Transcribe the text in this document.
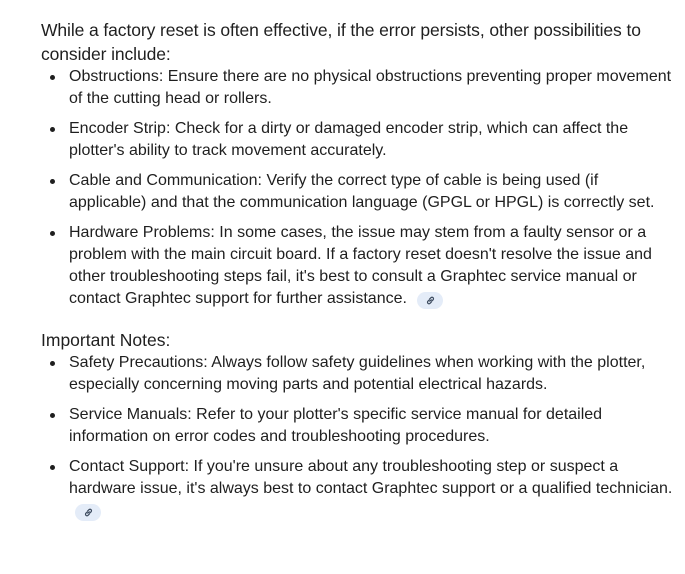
While a factory reset is often effective, if the error persists, other possibilities to consider include:

Obstructions: Ensure there are no physical obstructions preventing proper movement of the cutting head or rollers.
Encoder Strip: Check for a dirty or damaged encoder strip, which can affect the plotter's ability to track movement accurately.
Cable and Communication: Verify the correct type of cable is being used (if applicable) and that the communication language (GPGL or HPGL) is correctly set.
Hardware Problems: In some cases, the issue may stem from a faulty sensor or a problem with the main circuit board. If a factory reset doesn't resolve the issue and other troubleshooting steps fail, it's best to consult a Graphtec service manual or contact Graphtec support for further assistance.

Important Notes:

Safety Precautions: Always follow safety guidelines when working with the plotter, especially concerning moving parts and potential electrical hazards.
Service Manuals: Refer to your plotter's specific service manual for detailed information on error codes and troubleshooting procedures.
Contact Support: If you're unsure about any troubleshooting step or suspect a hardware issue, it's always best to contact Graphtec support or a qualified technician.
